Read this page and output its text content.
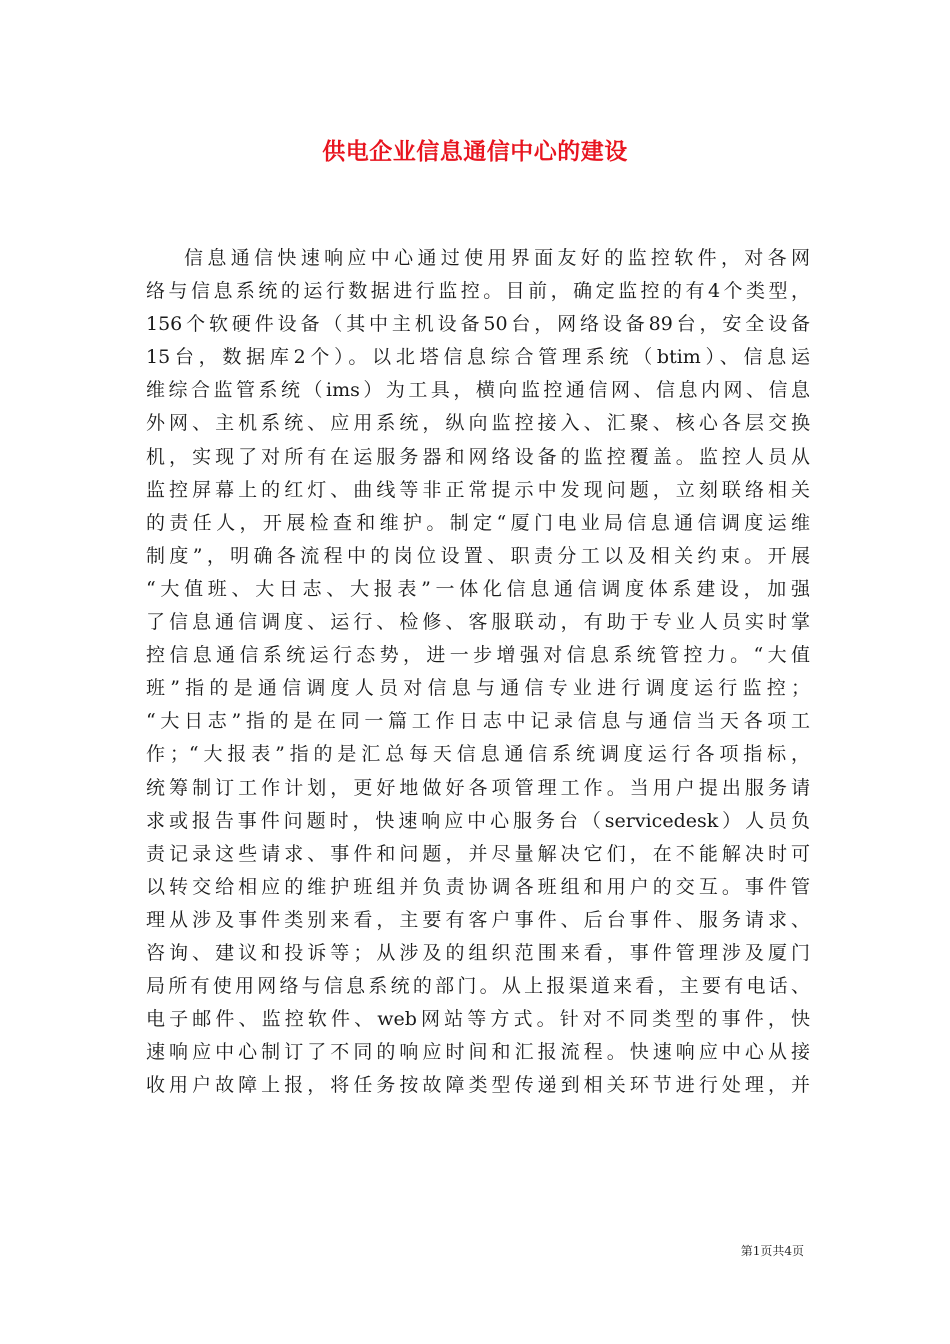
供电企业信息通信中心的建设
信息通信快速响应中心通过使用界面友好的监控软件，对各网
络与信息系统的运行数据进行监控。目前，确定监控的有4个类型，
156个软硬件设备（其中主机设备50台，网络设备89台，安全设备
15台，数据库2个）。以北塔信息综合管理系统（btim）、信息运
维综合监管系统（ims）为工具，横向监控通信网、信息内网、信息
外网、主机系统、应用系统，纵向监控接入、汇聚、核心各层交换
机，实现了对所有在运服务器和网络设备的监控覆盖。监控人员从
监控屏幕上的红灯、曲线等非正常提示中发现问题，立刻联络相关
的责任人，开展检查和维护。制定“厦门电业局信息通信调度运维
制度”，明确各流程中的岗位设置、职责分工以及相关约束。开展
“大值班、大日志、大报表”一体化信息通信调度体系建设，加强
了信息通信调度、运行、检修、客服联动，有助于专业人员实时掌
控信息通信系统运行态势，进一步增强对信息系统管控力。“大值
班”指的是通信调度人员对信息与通信专业进行调度运行监控；
“大日志”指的是在同一篇工作日志中记录信息与通信当天各项工
作；“大报表”指的是汇总每天信息通信系统调度运行各项指标，
统筹制订工作计划，更好地做好各项管理工作。当用户提出服务请
求或报告事件问题时，快速响应中心服务台（servicedesk）人员负
责记录这些请求、事件和问题，并尽量解决它们，在不能解决时可
以转交给相应的维护班组并负责协调各班组和用户的交互。事件管
理从涉及事件类别来看，主要有客户事件、后台事件、服务请求、
咨询、建议和投诉等；从涉及的组织范围来看，事件管理涉及厦门
局所有使用网络与信息系统的部门。从上报渠道来看，主要有电话、
电子邮件、监控软件、web网站等方式。针对不同类型的事件，快
速响应中心制订了不同的响应时间和汇报流程。快速响应中心从接
收用户故障上报，将任务按故障类型传递到相关环节进行处理，并
第1页共4页
